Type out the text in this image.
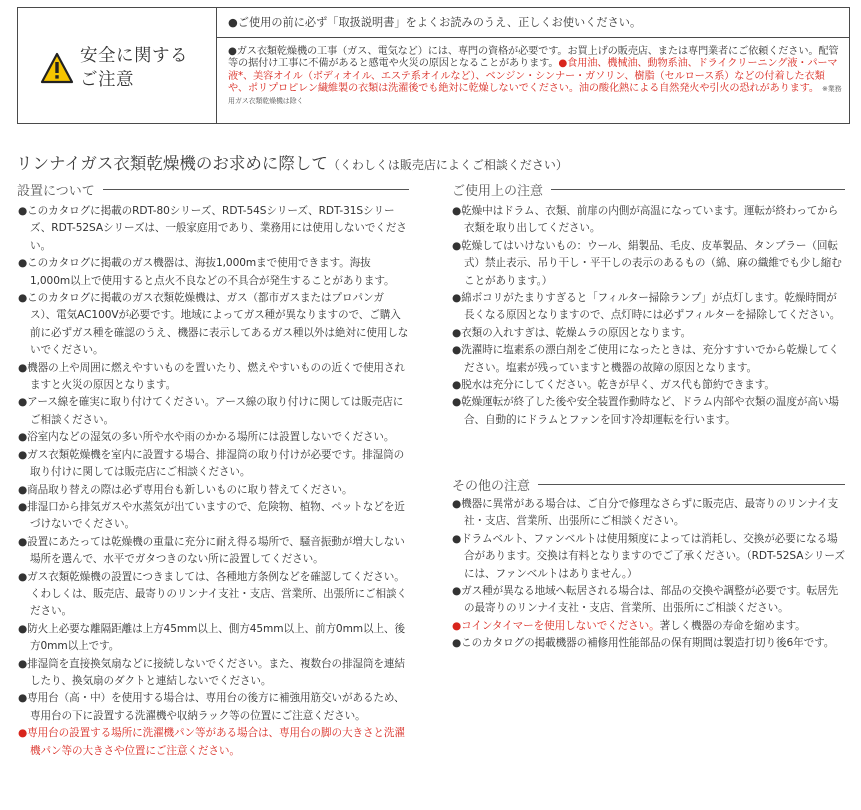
安全に関する
ご注意
●ご使用の前に必ず「取扱説明書」をよくお読みのうえ、正しくお使いください。
●ガス衣類乾燥機の工事（ガス、電気など）には、専門の資格が必要です。お買上げの販売店、または専門業者にご依頼ください。配管等の据付け工事に不備があると感電や火災の原因となることがあります。●食用油、機械油、動物系油、ドライクリーニング液・パーマ液*、美容オイル（ボディオイル、エステ系オイルなど）、ベンジン・シンナー・ガソリン、樹脂（セルロース系）などの付着した衣類や、ポリプロピレン繊維製の衣類は洗濯後でも絶対に乾燥しないでください。油の酸化熱による自然発火や引火の恐れがあります。 ※業務用ガス衣類乾燥機は除く
リンナイガス衣類乾燥機のお求めに際して（くわしくは販売店によくご相談ください）
設置について
●このカタログに掲載のRDT-80シリーズ、RDT-54Sシリーズ、RDT-31Sシリーズ、RDT-52SAシリーズは、一般家庭用であり、業務用には使用しないでください。
●このカタログに掲載のガス機器は、海抜1,000mまで使用できます。海抜1,000m以上で使用すると点火不良などの不具合が発生することがあります。
●このカタログに掲載のガス衣類乾燥機は、ガス（都市ガスまたはプロパンガス）、電気AC100Vが必要です。地域によってガス種が異なりますので、ご購入前に必ずガス種を確認のうえ、機器に表示してあるガス種以外は絶対に使用しないでください。
●機器の上や周囲に燃えやすいものを置いたり、燃えやすいものの近くで使用されますと火災の原因となります。
●アース線を確実に取り付けてください。アース線の取り付けに関しては販売店にご相談ください。
●浴室内などの湿気の多い所や水や雨のかかる場所には設置しないでください。
●ガス衣類乾燥機を室内に設置する場合、排湿筒の取り付けが必要です。排湿筒の取り付けに関しては販売店にご相談ください。
●商品取り替えの際は必ず専用台も新しいものに取り替えてください。
●排湿口から排気ガスや水蒸気が出ていますので、危険物、植物、ペットなどを近づけないでください。
●設置にあたっては乾燥機の重量に充分に耐え得る場所で、騒音振動が増大しない場所を選んで、水平でガタつきのない所に設置してください。
●ガス衣類乾燥機の設置につきましては、各種地方条例などを確認してください。くわしくは、販売店、最寄りのリンナイ支社・支店、営業所、出張所にご相談ください。
●防火上必要な離隔距離は上方45mm以上、側方45mm以上、前方0mm以上、後方0mm以上です。
●排湿筒を直接換気扇などに接続しないでください。また、複数台の排湿筒を連結したり、換気扇のダクトと連結しないでください。
●専用台（高・中）を使用する場合は、専用台の後方に補強用筋交いがあるため、専用台の下に設置する洗濯機や収納ラック等の位置にご注意ください。
●専用台の設置する場所に洗濯機パン等がある場合は、専用台の脚の大きさと洗濯機パン等の大きさや位置にご注意ください。
ご使用上の注意
●乾燥中はドラム、衣類、前扉の内側が高温になっています。運転が終わってから衣類を取り出してください。
●乾燥してはいけないもの：ウール、絹製品、毛皮、皮革製品、タンブラー（回転式）禁止表示、吊り干し・平干しの表示のあるもの（綿、麻の織維でも少し縮むことがあります。）
●綿ボコリがたまりすぎると「フィルター掃除ランプ」が点灯します。乾燥時間が長くなる原因となりますので、点灯時には必ずフィルターを掃除してください。
●衣類の入れすぎは、乾燥ムラの原因となります。
●洗濯時に塩素系の漂白剤をご使用になったときは、充分すすいでから乾燥してください。塩素が残っていますと機器の故障の原因となります。
●脱水は充分にしてください。乾きが早く、ガス代も節約できます。
●乾燥運転が終了した後や安全装置作動時など、ドラム内部や衣類の温度が高い場合、自動的にドラムとファンを回す冷却運転を行います。
その他の注意
●機器に異常がある場合は、ご自分で修理なさらずに販売店、最寄りのリンナイ支社・支店、営業所、出張所にご相談ください。
●ドラムベルト、ファンベルトは使用頻度によっては消耗し、交換が必要になる場合があります。交換は有料となりますのでご了承ください。（RDT-52SAシリーズには、ファンベルトはありません。）
●ガス種が異なる地域へ転居される場合は、部品の交換や調整が必要です。転居先の最寄りのリンナイ支社・支店、営業所、出張所にご相談ください。
●コインタイマーを使用しないでください。著しく機器の寿命を縮めます。
●このカタログの掲載機器の補修用性能部品の保有期間は製造打切り後6年です。
